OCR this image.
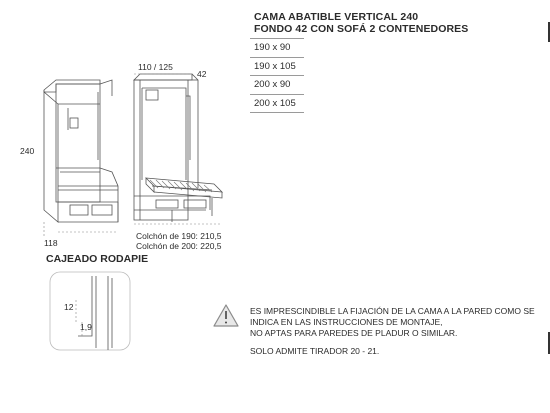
CAMA ABATIBLE VERTICAL 240
FONDO 42 CON SOFÁ 2 CONTENEDORES
190 x 90
190 x 105
200 x 90
200 x 105
240
118
110 / 125
42
Colchón de 190: 210,5
Colchón de 200: 220,5
CAJEADO RODAPIE
12
1,9
ES IMPRESCINDIBLE LA FIJACIÓN DE LA CAMA A LA PARED COMO SE
INDICA EN LAS INSTRUCCIONES DE MONTAJE,
NO APTAS PARA PAREDES DE PLADUR O SIMILAR.
SOLO ADMITE TIRADOR 20 - 21.
